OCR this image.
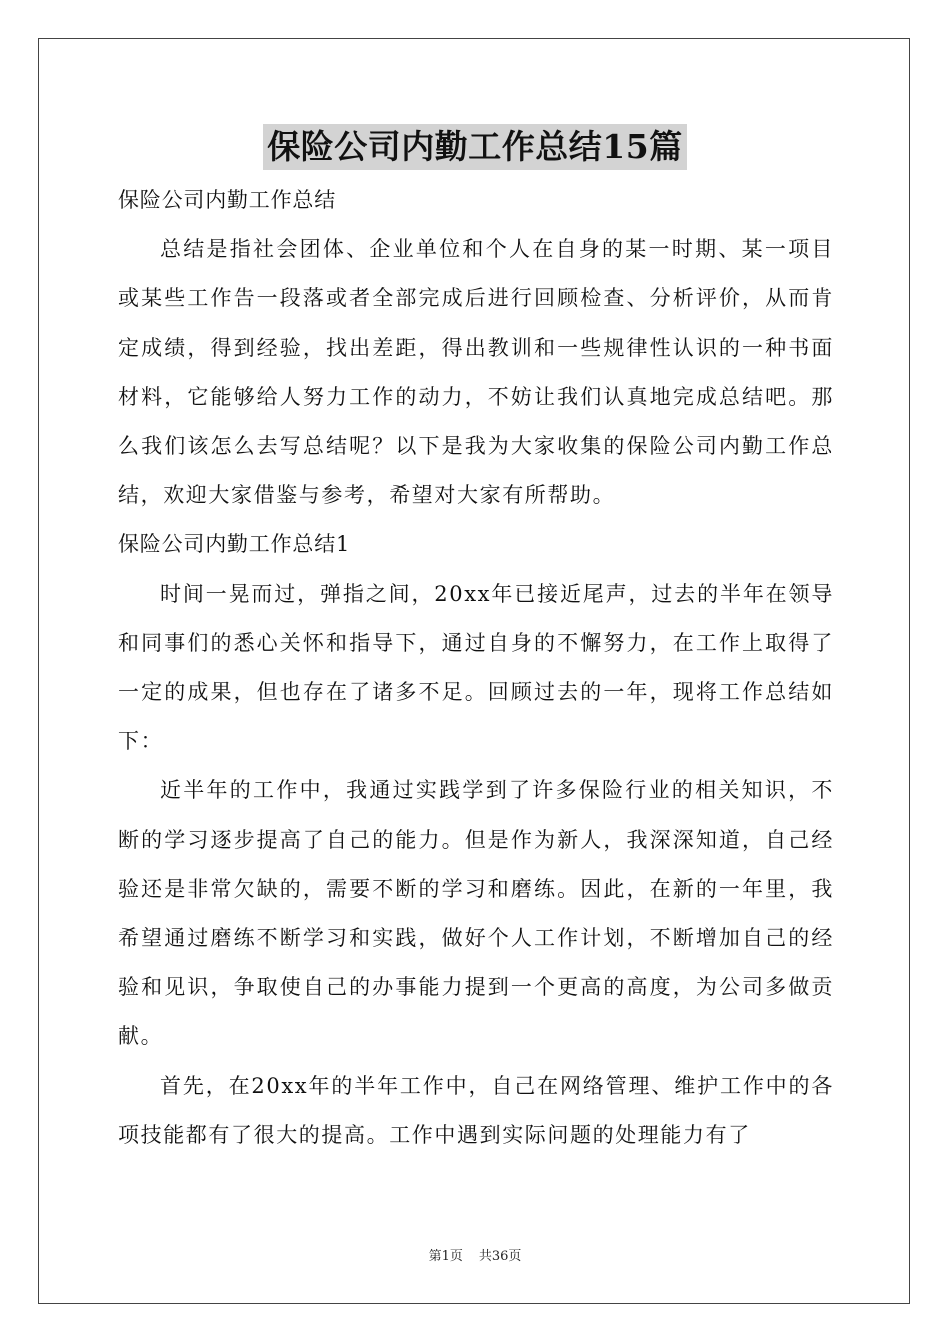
保险公司内勤工作总结15篇

保险公司内勤工作总结

总结是指社会团体、企业单位和个人在自身的某一时期、某一项目或某些工作告一段落或者全部完成后进行回顾检查、分析评价，从而肯定成绩，得到经验，找出差距，得出教训和一些规律性认识的一种书面材料，它能够给人努力工作的动力，不妨让我们认真地完成总结吧。那么我们该怎么去写总结呢？以下是我为大家收集的保险公司内勤工作总结，欢迎大家借鉴与参考，希望对大家有所帮助。

保险公司内勤工作总结1

时间一晃而过，弹指之间，20xx年已接近尾声，过去的半年在领导和同事们的悉心关怀和指导下，通过自身的不懈努力，在工作上取得了一定的成果，但也存在了诸多不足。回顾过去的一年，现将工作总结如下：

近半年的工作中，我通过实践学到了许多保险行业的相关知识，不断的学习逐步提高了自己的能力。但是作为新人，我深深知道，自己经验还是非常欠缺的，需要不断的学习和磨练。因此，在新的一年里，我希望通过磨练不断学习和实践，做好个人工作计划，不断增加自己的经验和见识，争取使自己的办事能力提到一个更高的高度，为公司多做贡献。

首先，在20xx年的半年工作中，自己在网络管理、维护工作中的各项技能都有了很大的提高。工作中遇到实际问题的处理能力有了

第1页 共36页
